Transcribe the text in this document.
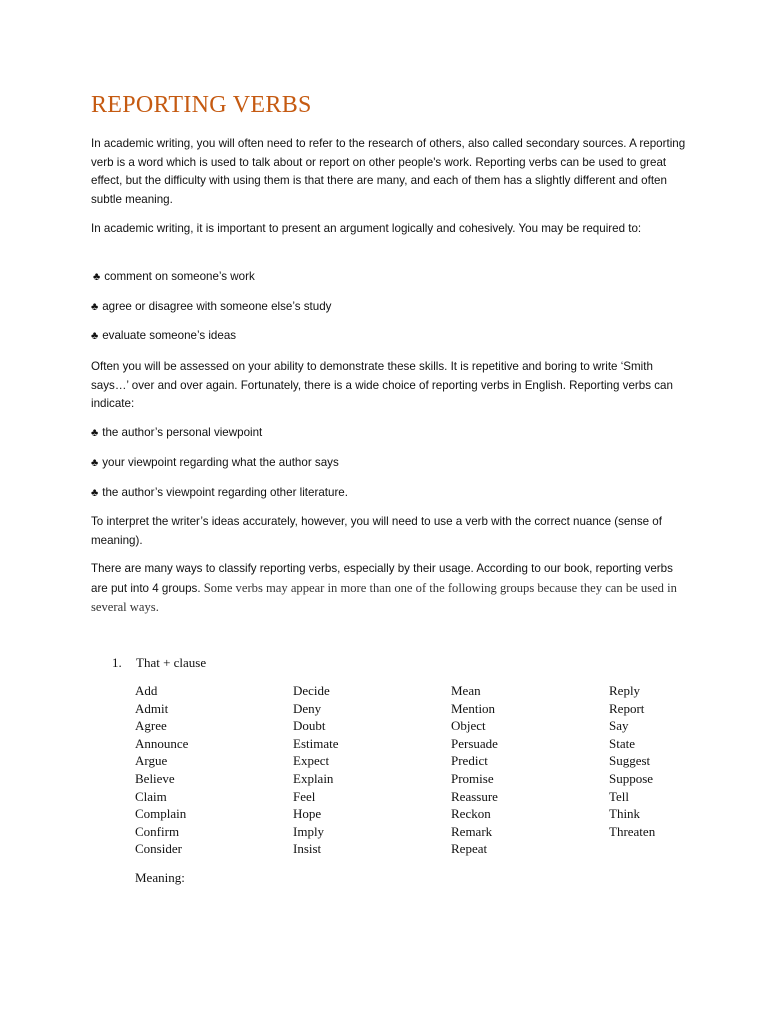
REPORTING VERBS

In academic writing, you will often need to refer to the research of others, also called secondary sources. A reporting verb is a word which is used to talk about or report on other people's work. Reporting verbs can be used to great effect, but the difficulty with using them is that there are many, and each of them has a slightly different and often subtle meaning.

In academic writing, it is important to present an argument logically and cohesively. You may be required to:

♣ comment on someone’s work
♣ agree or disagree with someone else’s study
♣ evaluate someone’s ideas

Often you will be assessed on your ability to demonstrate these skills. It is repetitive and boring to write ‘Smith says…’ over and over again. Fortunately, there is a wide choice of reporting verbs in English. Reporting verbs can indicate:

♣ the author’s personal viewpoint
♣ your viewpoint regarding what the author says
♣ the author’s viewpoint regarding other literature.

To interpret the writer’s ideas accurately, however, you will need to use a verb with the correct nuance (sense of meaning).

There are many ways to classify reporting verbs, especially by their usage. According to our book, reporting verbs are put into 4 groups. Some verbs may appear in more than one of the following groups because they can be used in several ways.

1. That + clause
Add
Admit
Agree
Announce
Argue
Believe
Claim
Complain
Confirm
Consider
Decide
Deny
Doubt
Estimate
Expect
Explain
Feel
Hope
Imply
Insist
Mean
Mention
Object
Persuade
Predict
Promise
Reassure
Reckon
Remark
Repeat
Reply
Report
Say
State
Suggest
Suppose
Tell
Think
Threaten
Meaning:
